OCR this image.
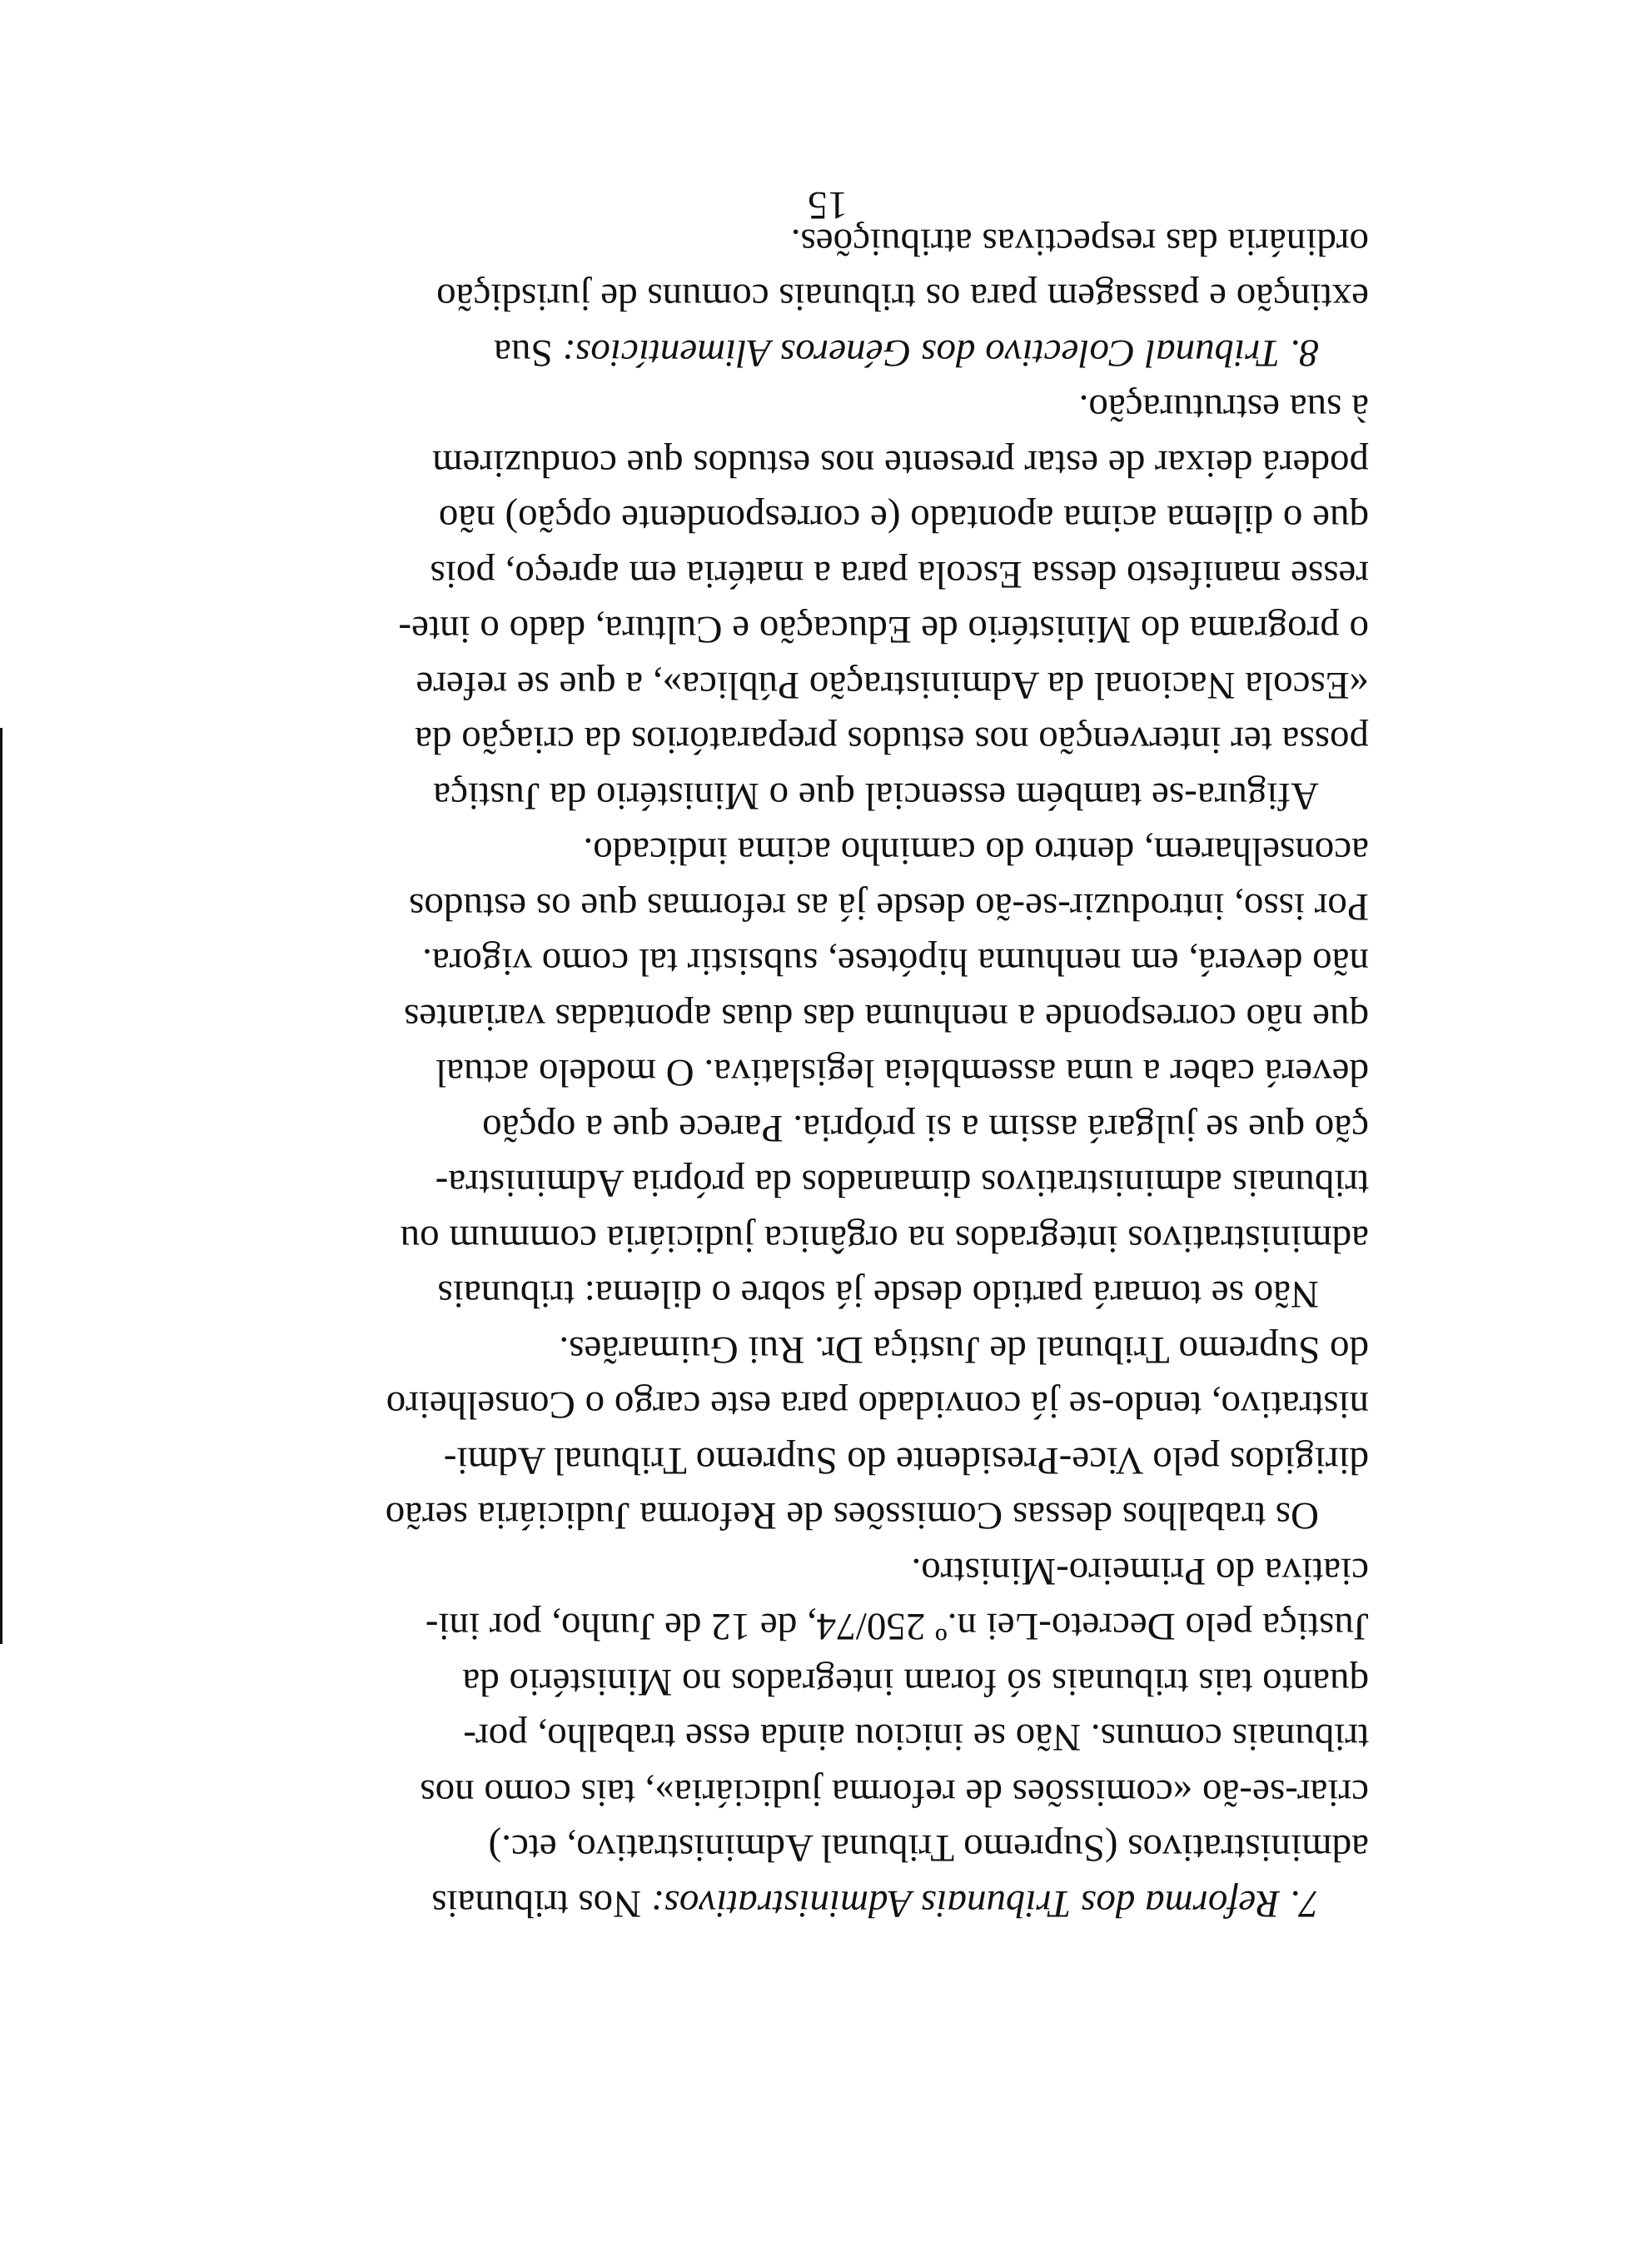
7. Reforma dos Tribunais Administrativos: Nos tribunais
administrativos (Supremo Tribunal Administrativo, etc.)
criar-se-ão «comissões de reforma judiciária», tais como nos
tribunais comuns. Não se iniciou ainda esse trabalho, por-
quanto tais tribunais só foram integrados no Ministério da
Justiça pelo Decreto-Lei n.º 250/74, de 12 de Junho, por ini-
ciativa do Primeiro-Ministro.

Os trabalhos dessas Comissões de Reforma Judiciária serão
dirigidos pelo Vice-Presidente do Supremo Tribunal Admi-
nistrativo, tendo-se já convidado para este cargo o Conselheiro
do Supremo Tribunal de Justiça Dr. Rui Guimarães.

Não se tomará partido desde já sobre o dilema: tribunais
administrativos integrados na orgânica judiciária commum ou
tribunais administrativos dimanados da própria Administra-
ção que se julgará assim a si própria. Parece que a opção
deverá caber a uma assembleia legislativa. O modelo actual
que não corresponde a nenhuma das duas apontadas variantes
não deverá, em nenhuma hipótese, subsistir tal como vigora.
Por isso, introduzir-se-ão desde já as reformas que os estudos
aconselharem, dentro do caminho acima indicado.

Afigura-se também essencial que o Ministério da Justiça
possa ter intervenção nos estudos preparatórios da criação da
«Escola Nacional da Administração Pública», a que se refere
o programa do Ministério de Educação e Cultura, dado o inte-
resse manifesto dessa Escola para a matéria em apreço, pois
que o dilema acima apontado (e correspondente opção) não
poderá deixar de estar presente nos estudos que conduzirem
à sua estruturação.

8. Tribunal Colectivo dos Géneros Alimentícios: Sua
extinção e passagem para os tribunais comuns de jurisdição
ordinária das respectivas atribuições.

15
